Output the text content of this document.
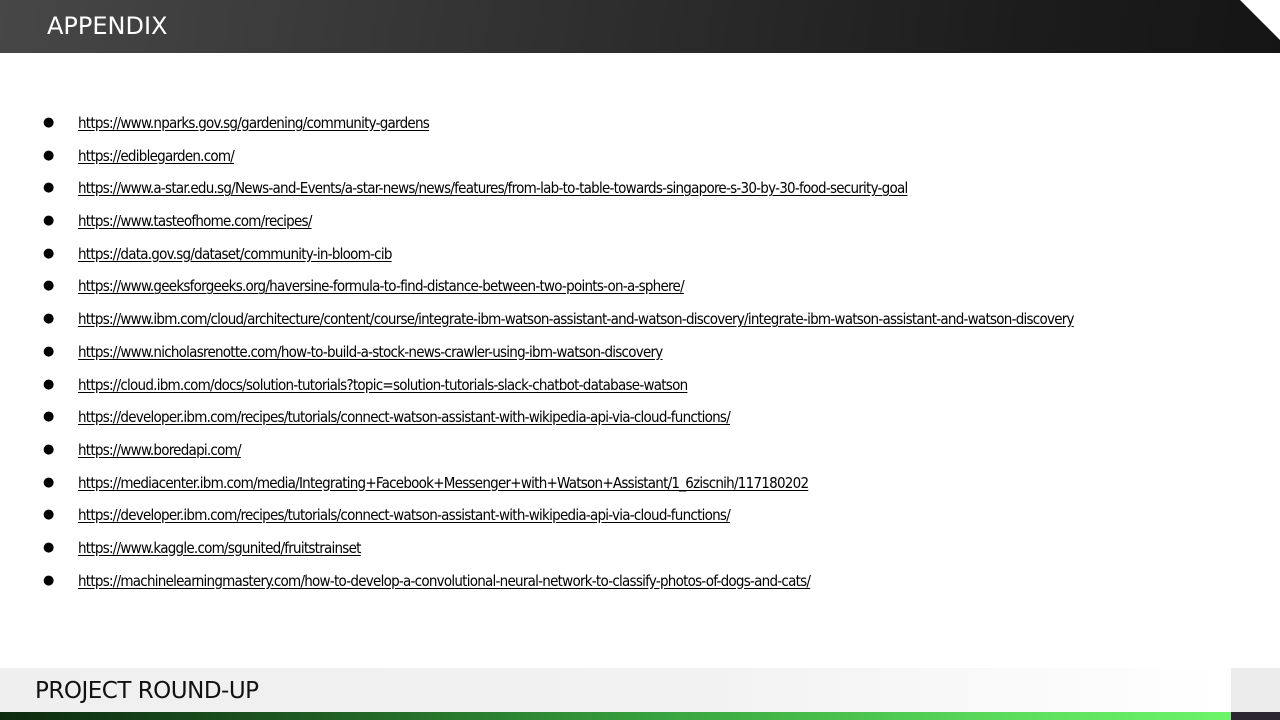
APPENDIX
● https://www.nparks.gov.sg/gardening/community-gardens
● https://ediblegarden.com/
● https://www.a-star.edu.sg/News-and-Events/a-star-news/news/features/from-lab-to-table-towards-singapore-s-30-by-30-food-security-goal
● https://www.tasteofhome.com/recipes/
● https://data.gov.sg/dataset/community-in-bloom-cib
● https://www.geeksforgeeks.org/haversine-formula-to-find-distance-between-two-points-on-a-sphere/
● https://www.ibm.com/cloud/architecture/content/course/integrate-ibm-watson-assistant-and-watson-discovery/integrate-ibm-watson-assistant-and-watson-discovery
● https://www.nicholasrenotte.com/how-to-build-a-stock-news-crawler-using-ibm-watson-discovery
● https://cloud.ibm.com/docs/solution-tutorials?topic=solution-tutorials-slack-chatbot-database-watson
● https://developer.ibm.com/recipes/tutorials/connect-watson-assistant-with-wikipedia-api-via-cloud-functions/
● https://www.boredapi.com/
● https://mediacenter.ibm.com/media/Integrating+Facebook+Messenger+with+Watson+Assistant/1_6ziscnih/117180202
● https://developer.ibm.com/recipes/tutorials/connect-watson-assistant-with-wikipedia-api-via-cloud-functions/
● https://www.kaggle.com/sgunited/fruitstrainset
● https://machinelearningmastery.com/how-to-develop-a-convolutional-neural-network-to-classify-photos-of-dogs-and-cats/
PROJECT ROUND-UP
